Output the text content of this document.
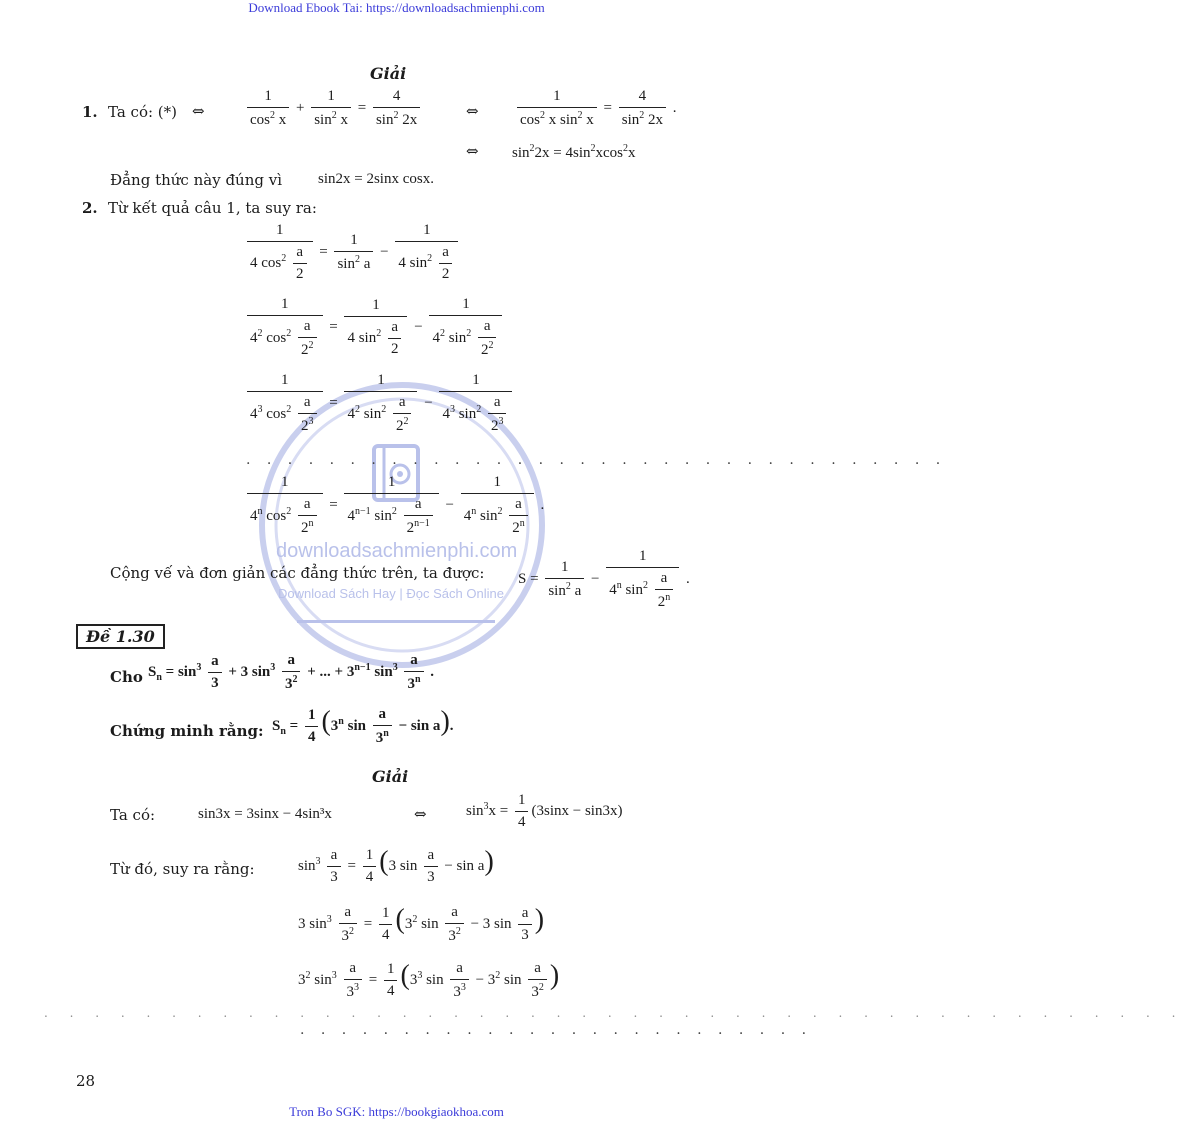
Download Ebook Tai: https://downloadsachmienphi.com
downloadsachmienphi.com
Download Sách Hay | Đọc Sách Online
Giải
1. Ta có: (*) ⇔	$\frac{1}{\cos^2 x} + \frac{1}{\sin^2 x} = \frac{4}{\sin^2 2x}$	⇔	$\frac{1}{\cos^2 x \sin^2 x} = \frac{4}{\sin^2 2x}$ .
⇔ $\sin^22x = 4\sin^2xcos^2x$
Đẳng thức này đúng vì sin2x = 2sinx cosx.
2. Từ kết quả câu 1, ta suy ra:
$\frac{1}{4 \cos^2 \frac{a}{2}} = \frac{1}{\sin^2 a} - \frac{1}{4 \sin^2 \frac{a}{2}}$
$\frac{1}{4^2 \cos^2 \frac{a}{2^2}} = \frac{1}{4 \sin^2 \frac{a}{2}} - \frac{1}{4^2 \sin^2 \frac{a}{2^2}}$
$\frac{1}{4^3 \cos^2 \frac{a}{2^3}} = \frac{1}{4^2 \sin^2 \frac{a}{2^2}} - \frac{1}{4^3 \sin^2 \frac{a}{2^3}}$
. . . . . . . . . . . . . . . . . . . . . . . . . . . . . . . . . .
$\frac{1}{4^n \cos^2 \frac{a}{2^n}} = \frac{1}{4^{n-1} \sin^2 \frac{a}{2^{n-1}}} - \frac{1}{4^n \sin^2 \frac{a}{2^n}}$ .
Cộng vế và đơn giản các đẳng thức trên, ta được: $S = \frac{1}{\sin^2 a} - \frac{1}{4^n \sin^2 \frac{a}{2^n}}$ .
Đề 1.30
Cho $S_n = \sin^3 \frac{a}{3} + 3$ $\sin^3 \frac{a}{3^2}$ + ... + $3^{n-1}$ $\sin^3 \frac{a}{3^n}$ .
Chứng minh rằng: $S_n = \frac{1}{4} (3^n$ $\sin \frac{a}{3^n} - \sin a$).
Giải
Ta có:	sin3x = 3sinx − 4sin³x	⇔	$\sin^3x = \frac{1}{4} (3\sin x - \sin 3x)$
Từ đó, suy ra rằng:	$\sin^3 \frac{a}{3} = \frac{1}{4} (3$ $\sin \frac{a}{3} - \sin a$)
3 $\sin^3 \frac{a}{3^2} = \frac{1}{4} (3^2$ $\sin \frac{a}{3^2} - 3$ $\sin \frac{a}{3}$ )
$3^2$ $\sin^3 \frac{a}{3^3} = \frac{1}{4} (3^3$ $\sin \frac{a}{3^3} - 3^2$ $\sin \frac{a}{3^2}$ )
. . . . . . . . . . . . . . . . . . . . . . . . . . . . . . . . . . . . . . . . . . . . .
. . . . . . . . . . . . . . . . . . . . . . . . .
28
Tron Bo SGK: https://bookgiaokhoa.com
